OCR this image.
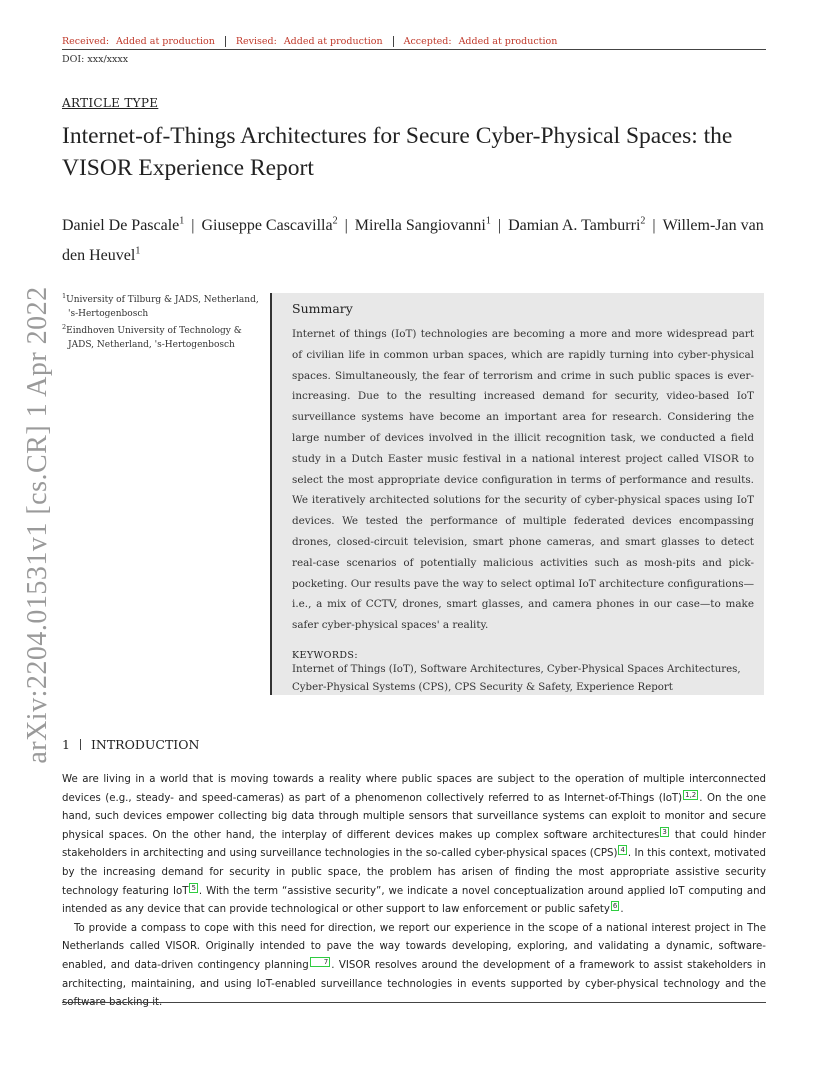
arXiv:2204.01531v1 [cs.CR] 1 Apr 2022
Received: Added at production	Revised: Added at production	Accepted: Added at production
DOI: xxx/xxxx
ARTICLE TYPE
Internet-of-Things Architectures for Secure Cyber-Physical Spaces: the VISOR Experience Report
Daniel De Pascale$^1$ | Giuseppe Cascavilla$^2$ | Mirella Sangiovanni$^1$ | Damian A. Tamburri$^2$ | Willem-Jan van den Heuvel$^1$
$^1$University of Tilburg & JADS, Netherland, 's-Hertogenbosch
$^2$Eindhoven University of Technology & JADS, Netherland, 's-Hertogenbosch
Summary
Internet of things (IoT) technologies are becoming a more and more widespread part of civilian life in common urban spaces, which are rapidly turning into cyber-physical spaces. Simultaneously, the fear of terrorism and crime in such public spaces is ever-increasing. Due to the resulting increased demand for security, video-based IoT surveillance systems have become an important area for research. Considering the large number of devices involved in the illicit recognition task, we conducted a field study in a Dutch Easter music festival in a national interest project called VISOR to select the most appropriate device configuration in terms of performance and results. We iteratively architected solutions for the security of cyber-physical spaces using IoT devices. We tested the performance of multiple federated devices encompassing drones, closed-circuit television, smart phone cameras, and smart glasses to detect real-case scenarios of potentially malicious activities such as mosh-pits and pick-pocketing. Our results pave the way to select optimal IoT architecture configurations—i.e., a mix of CCTV, drones, smart glasses, and camera phones in our case—to make safer cyber-physical spaces' a reality.
KEYWORDS:
Internet of Things (IoT), Software Architectures, Cyber-Physical Spaces Architectures, Cyber-Physical Systems (CPS), CPS Security & Safety, Experience Report
1 INTRODUCTION

We are living in a world that is moving towards a reality where public spaces are subject to the operation of multiple interconnected devices (e.g., steady- and speed-cameras) as part of a phenomenon collectively referred to as Internet-of-Things (IoT) 1,2 . On the one hand, such devices empower collecting big data through multiple sensors that surveillance systems can exploit to monitor and secure physical spaces. On the other hand, the interplay of different devices makes up complex software architectures 3 that could hinder stakeholders in architecting and using surveillance technologies in the so-called cyber-physical spaces (CPS) 4 . In this context, motivated by the increasing demand for security in public space, the problem has arisen of finding the most appropriate assistive security technology featuring IoT 5 . With the term “assistive security”, we indicate a novel conceptualization around applied IoT computing and intended as any device that can provide technological or other support to law enforcement or public safety 6 .

To provide a compass to cope with this need for direction, we report our experience in the scope of a national interest project in The Netherlands called VISOR. Originally intended to pave the way towards developing, exploring, and validating a dynamic, software-enabled, and data-driven contingency planning 7 . VISOR resolves around the development of a framework to assist stakeholders in architecting, maintaining, and using IoT-enabled surveillance technologies in events supported by cyber-physical technology and the
